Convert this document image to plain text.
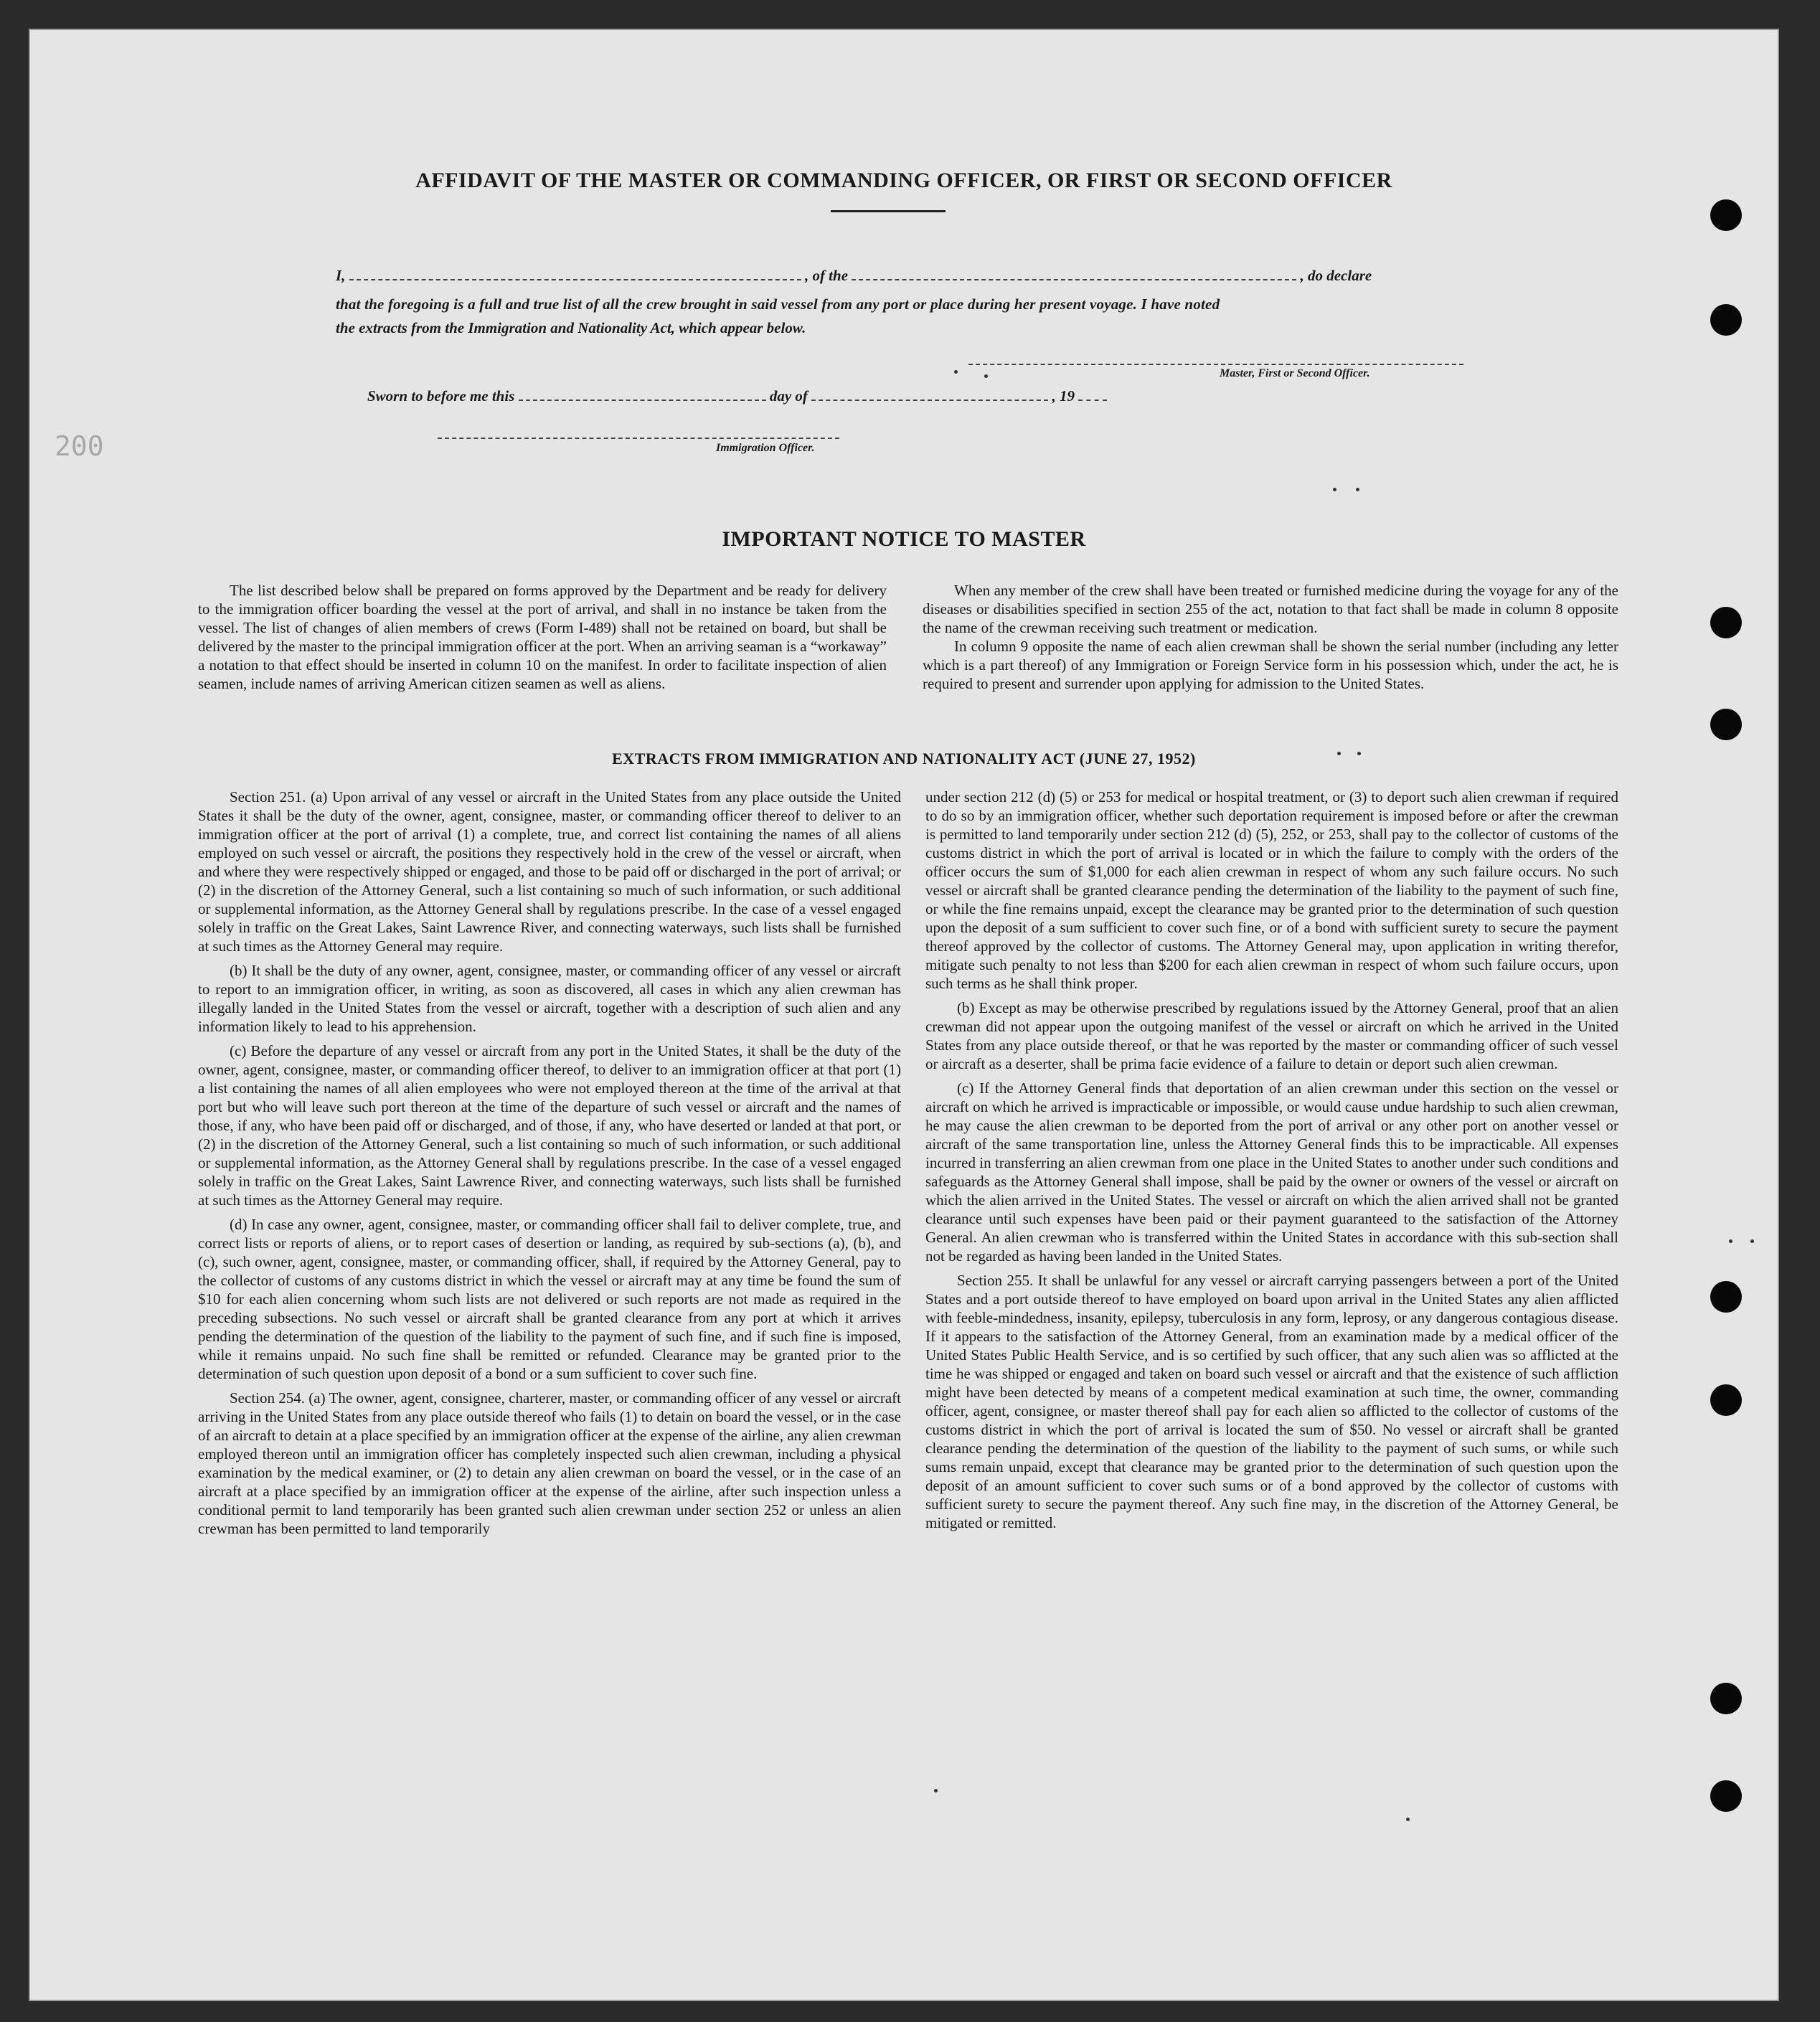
200
AFFIDAVIT OF THE MASTER OR COMMANDING OFFICER, OR FIRST OR SECOND OFFICER
I,	, of the	, do declare
that the foregoing is a full and true list of all the crew brought in said vessel from any port or place during her present voyage. I have noted
the extracts from the Immigration and Nationality Act, which appear below.
Master, First or Second Officer.
Sworn to before me this	day of	, 19
Immigration Officer.
IMPORTANT NOTICE TO MASTER

The list described below shall be prepared on forms approved by the Department and be ready for delivery to the immigration officer boarding the vessel at the port of arrival, and shall in no instance be taken from the vessel. The list of changes of alien members of crews (Form I-489) shall not be retained on board, but shall be delivered by the master to the principal immigration officer at the port. When an arriving seaman is a “workaway” a notation to that effect should be inserted in column 10 on the manifest. In order to facilitate inspection of alien seamen, include names of arriving American citizen seamen as well as aliens.

When any member of the crew shall have been treated or furnished medicine during the voyage for any of the diseases or disabilities specified in section 255 of the act, notation to that fact shall be made in column 8 opposite the name of the crewman receiving such treatment or medication.

In column 9 opposite the name of each alien crewman shall be shown the serial number (including any letter which is a part thereof) of any Immigration or Foreign Service form in his possession which, under the act, he is required to present and surrender upon applying for admission to the United States.

EXTRACTS FROM IMMIGRATION AND NATIONALITY ACT (JUNE 27, 1952)

Section 251. (a) Upon arrival of any vessel or aircraft in the United States from any place outside the United States it shall be the duty of the owner, agent, consignee, master, or commanding officer thereof to deliver to an immigration officer at the port of arrival (1) a complete, true, and correct list containing the names of all aliens employed on such vessel or aircraft, the positions they respectively hold in the crew of the vessel or aircraft, when and where they were respectively shipped or engaged, and those to be paid off or discharged in the port of arrival; or (2) in the discretion of the Attorney General, such a list containing so much of such information, or such additional or supplemental information, as the Attorney General shall by regulations prescribe. In the case of a vessel engaged solely in traffic on the Great Lakes, Saint Lawrence River, and connecting waterways, such lists shall be furnished at such times as the Attorney General may require.

(b) It shall be the duty of any owner, agent, consignee, master, or commanding officer of any vessel or aircraft to report to an immigration officer, in writing, as soon as discovered, all cases in which any alien crewman has illegally landed in the United States from the vessel or aircraft, together with a description of such alien and any information likely to lead to his apprehension.

(c) Before the departure of any vessel or aircraft from any port in the United States, it shall be the duty of the owner, agent, consignee, master, or commanding officer thereof, to deliver to an immigration officer at that port (1) a list containing the names of all alien employees who were not employed thereon at the time of the arrival at that port but who will leave such port thereon at the time of the departure of such vessel or aircraft and the names of those, if any, who have been paid off or discharged, and of those, if any, who have deserted or landed at that port, or (2) in the discretion of the Attorney General, such a list containing so much of such information, or such additional or supplemental information, as the Attorney General shall by regulations prescribe. In the case of a vessel engaged solely in traffic on the Great Lakes, Saint Lawrence River, and connecting waterways, such lists shall be furnished at such times as the Attorney General may require.

(d) In case any owner, agent, consignee, master, or commanding officer shall fail to deliver complete, true, and correct lists or reports of aliens, or to report cases of desertion or landing, as required by sub-sections (a), (b), and (c), such owner, agent, consignee, master, or commanding officer, shall, if required by the Attorney General, pay to the collector of customs of any customs district in which the vessel or aircraft may at any time be found the sum of $10 for each alien concerning whom such lists are not delivered or such reports are not made as required in the preceding subsections. No such vessel or aircraft shall be granted clearance from any port at which it arrives pending the determination of the question of the liability to the payment of such fine, and if such fine is imposed, while it remains unpaid. No such fine shall be remitted or refunded. Clearance may be granted prior to the determination of such question upon deposit of a bond or a sum sufficient to cover such fine.

Section 254. (a) The owner, agent, consignee, charterer, master, or commanding officer of any vessel or aircraft arriving in the United States from any place outside thereof who fails (1) to detain on board the vessel, or in the case of an aircraft to detain at a place specified by an immigration officer at the expense of the airline, any alien crewman employed thereon until an immigration officer has completely inspected such alien crewman, including a physical examination by the medical examiner, or (2) to detain any alien crewman on board the vessel, or in the case of an aircraft at a place specified by an immigration officer at the expense of the airline, after such inspection unless a conditional permit to land temporarily has been granted such alien crewman under section 252 or unless an alien crewman has been permitted to land temporarily

under section 212 (d) (5) or 253 for medical or hospital treatment, or (3) to deport such alien crewman if required to do so by an immigration officer, whether such deportation requirement is imposed before or after the crewman is permitted to land temporarily under section 212 (d) (5), 252, or 253, shall pay to the collector of customs of the customs district in which the port of arrival is located or in which the failure to comply with the orders of the officer occurs the sum of $1,000 for each alien crewman in respect of whom any such failure occurs. No such vessel or aircraft shall be granted clearance pending the determination of the liability to the payment of such fine, or while the fine remains unpaid, except the clearance may be granted prior to the determination of such question upon the deposit of a sum sufficient to cover such fine, or of a bond with sufficient surety to secure the payment thereof approved by the collector of customs. The Attorney General may, upon application in writing therefor, mitigate such penalty to not less than $200 for each alien crewman in respect of whom such failure occurs, upon such terms as he shall think proper.

(b) Except as may be otherwise prescribed by regulations issued by the Attorney General, proof that an alien crewman did not appear upon the outgoing manifest of the vessel or aircraft on which he arrived in the United States from any place outside thereof, or that he was reported by the master or commanding officer of such vessel or aircraft as a deserter, shall be prima facie evidence of a failure to detain or deport such alien crewman.

(c) If the Attorney General finds that deportation of an alien crewman under this section on the vessel or aircraft on which he arrived is impracticable or impossible, or would cause undue hardship to such alien crewman, he may cause the alien crewman to be deported from the port of arrival or any other port on another vessel or aircraft of the same transportation line, unless the Attorney General finds this to be impracticable. All expenses incurred in transferring an alien crewman from one place in the United States to another under such conditions and safeguards as the Attorney General shall impose, shall be paid by the owner or owners of the vessel or aircraft on which the alien arrived in the United States. The vessel or aircraft on which the alien arrived shall not be granted clearance until such expenses have been paid or their payment guaranteed to the satisfaction of the Attorney General. An alien crewman who is transferred within the United States in accordance with this sub-section shall not be regarded as having been landed in the United States.

Section 255. It shall be unlawful for any vessel or aircraft carrying passengers between a port of the United States and a port outside thereof to have employed on board upon arrival in the United States any alien afflicted with feeble-mindedness, insanity, epilepsy, tuberculosis in any form, leprosy, or any dangerous contagious disease. If it appears to the satisfaction of the Attorney General, from an examination made by a medical officer of the United States Public Health Service, and is so certified by such officer, that any such alien was so afflicted at the time he was shipped or engaged and taken on board such vessel or aircraft and that the existence of such affliction might have been detected by means of a competent medical examination at such time, the owner, commanding officer, agent, consignee, or master thereof shall pay for each alien so afflicted to the collector of customs of the customs district in which the port of arrival is located the sum of $50. No vessel or aircraft shall be granted clearance pending the determination of the question of the liability to the payment of such sums, or while such sums remain unpaid, except that clearance may be granted prior to the determination of such question upon the deposit of an amount sufficient to cover such sums or of a bond approved by the collector of customs with sufficient surety to secure the payment thereof. Any such fine may, in the discretion of the Attorney General, be mitigated or remitted.
